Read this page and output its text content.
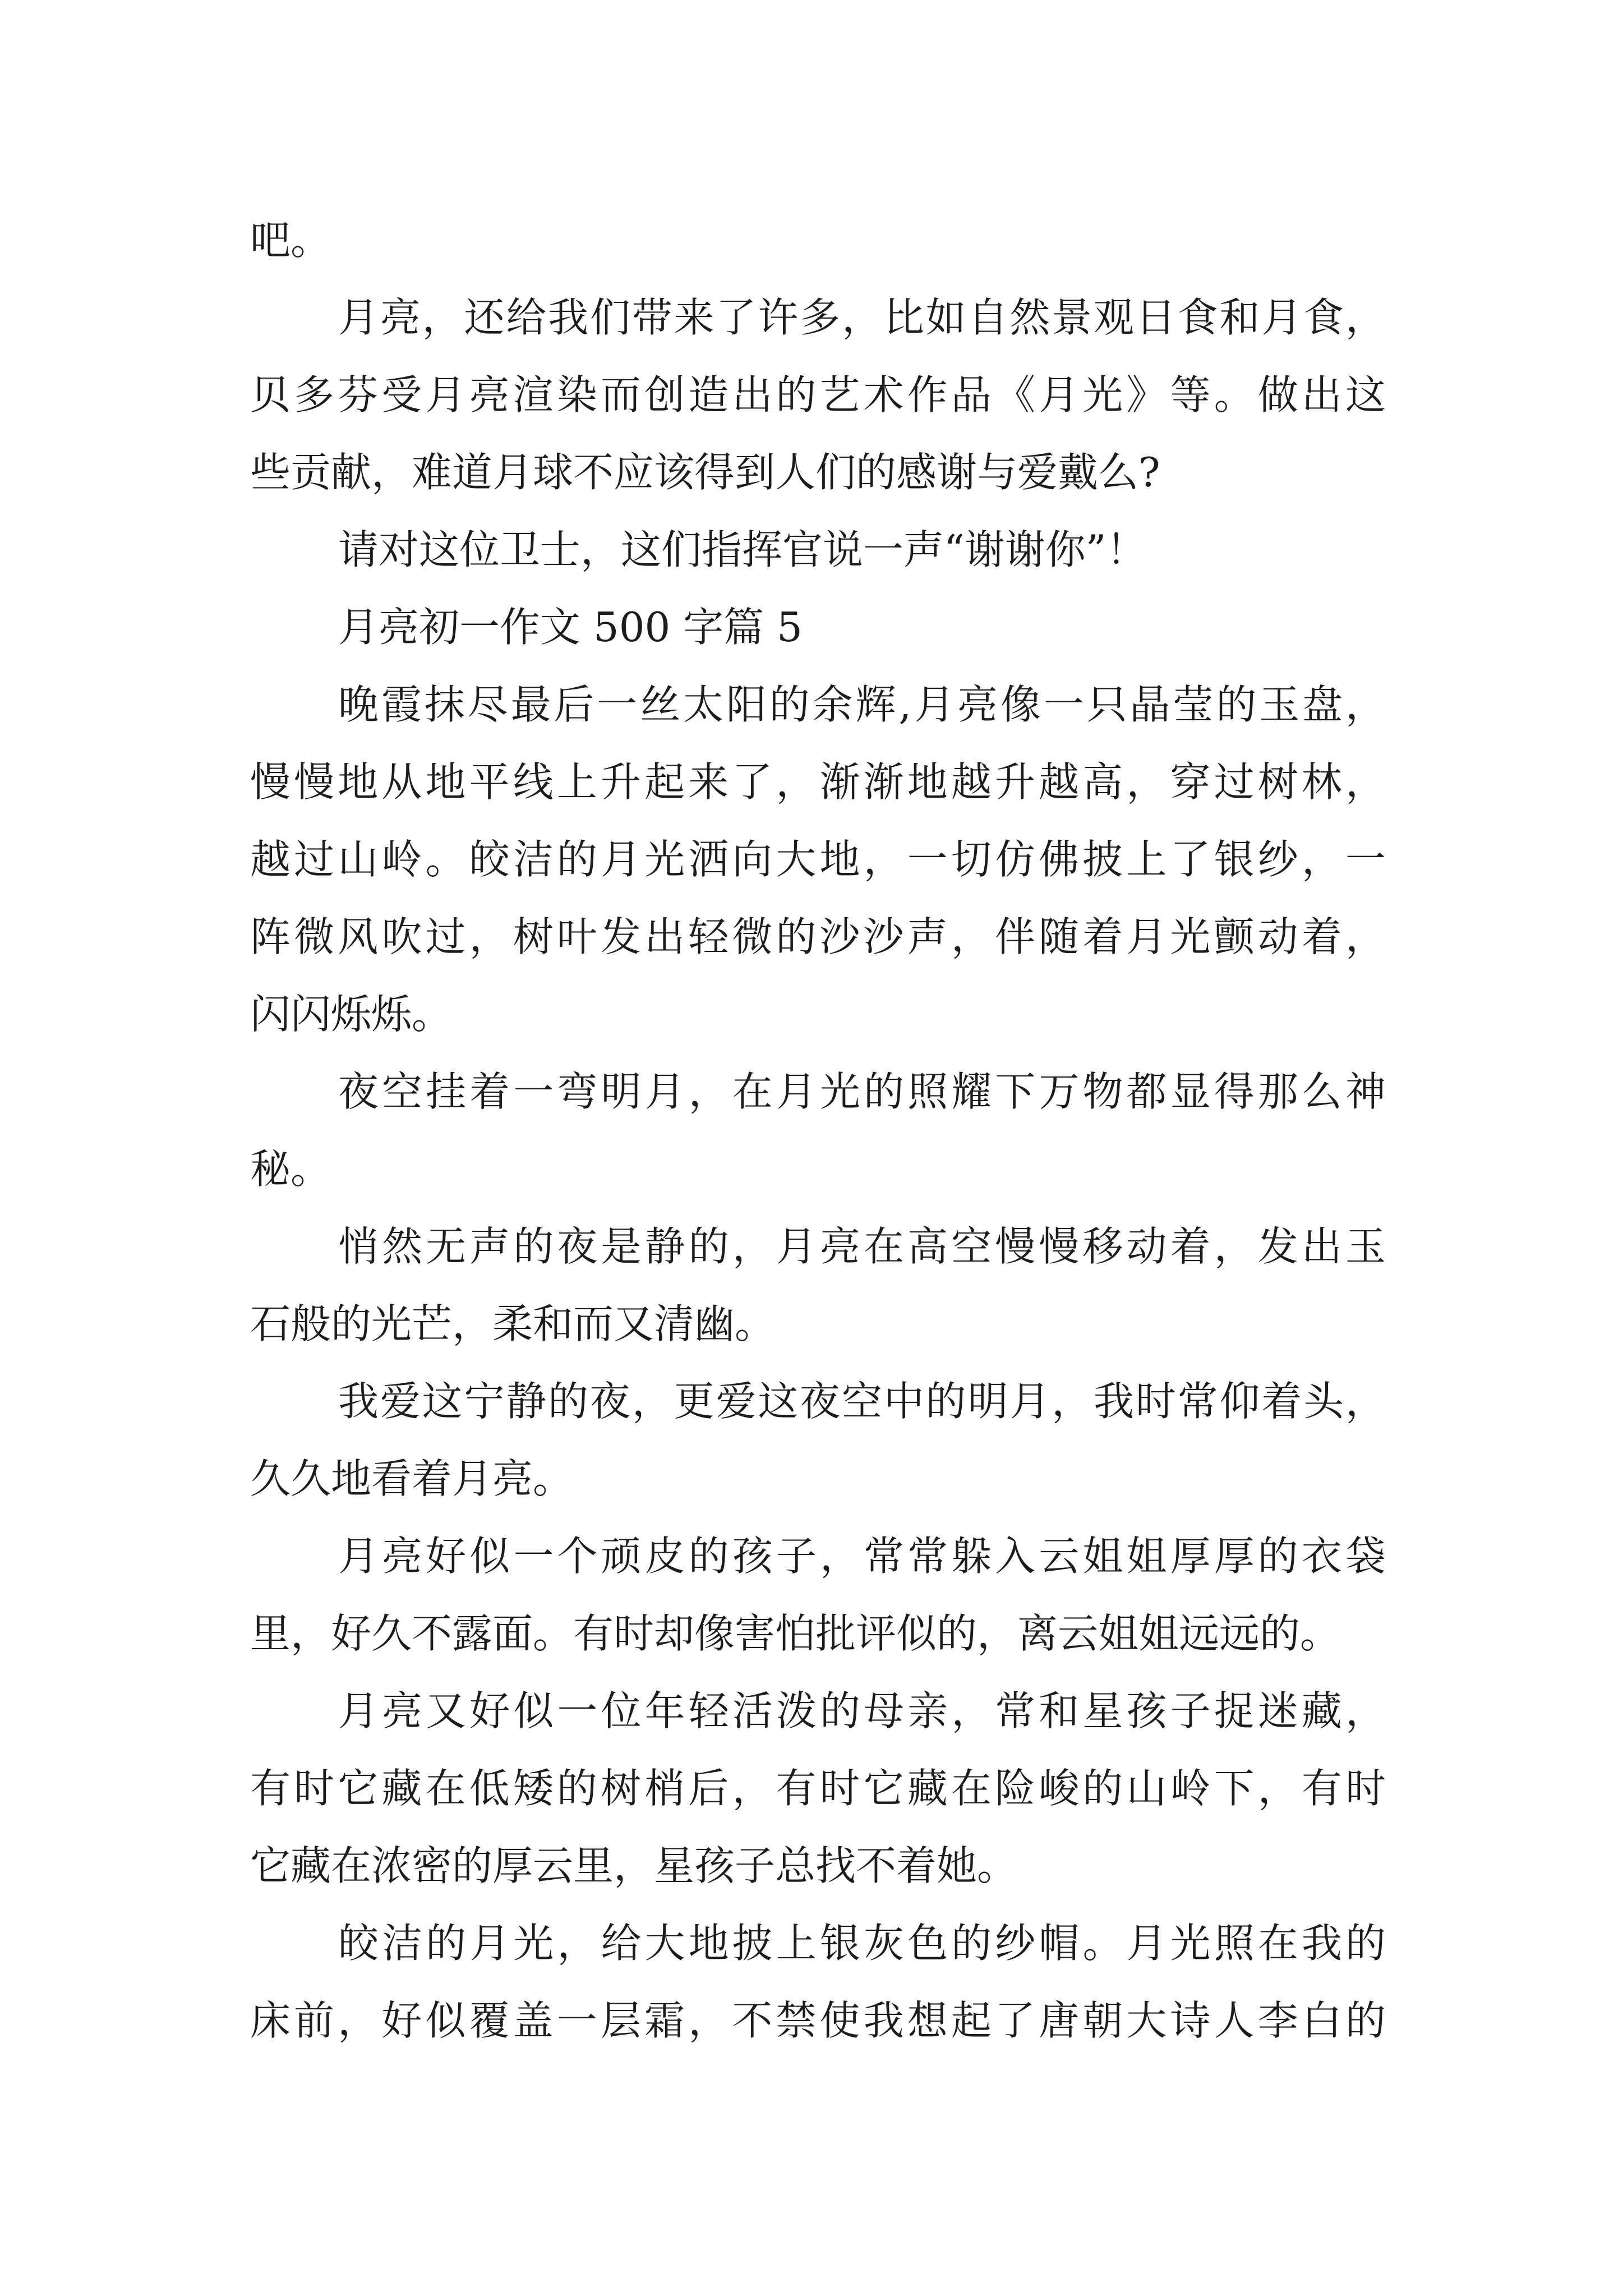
吧。
月亮，还给我们带来了许多，比如自然景观日食和月食，
贝多芬受月亮渲染而创造出的艺术作品《月光》等。做出这
些贡献，难道月球不应该得到人们的感谢与爱戴么?
请对这位卫士，这们指挥官说一声“谢谢你”！
月亮初一作文 500 字篇 5
晚霞抹尽最后一丝太阳的余辉,月亮像一只晶莹的玉盘，
慢慢地从地平线上升起来了，渐渐地越升越高，穿过树林，
越过山岭。皎洁的月光洒向大地，一切仿佛披上了银纱，一
阵微风吹过，树叶发出轻微的沙沙声，伴随着月光颤动着，
闪闪烁烁。
夜空挂着一弯明月，在月光的照耀下万物都显得那么神
秘。
悄然无声的夜是静的，月亮在高空慢慢移动着，发出玉
石般的光芒，柔和而又清幽。
我爱这宁静的夜，更爱这夜空中的明月，我时常仰着头，
久久地看着月亮。
月亮好似一个顽皮的孩子，常常躲入云姐姐厚厚的衣袋
里，好久不露面。有时却像害怕批评似的，离云姐姐远远的。
月亮又好似一位年轻活泼的母亲，常和星孩子捉迷藏，
有时它藏在低矮的树梢后，有时它藏在险峻的山岭下，有时
它藏在浓密的厚云里，星孩子总找不着她。
皎洁的月光，给大地披上银灰色的纱帽。月光照在我的
床前，好似覆盖一层霜，不禁使我想起了唐朝大诗人李白的
